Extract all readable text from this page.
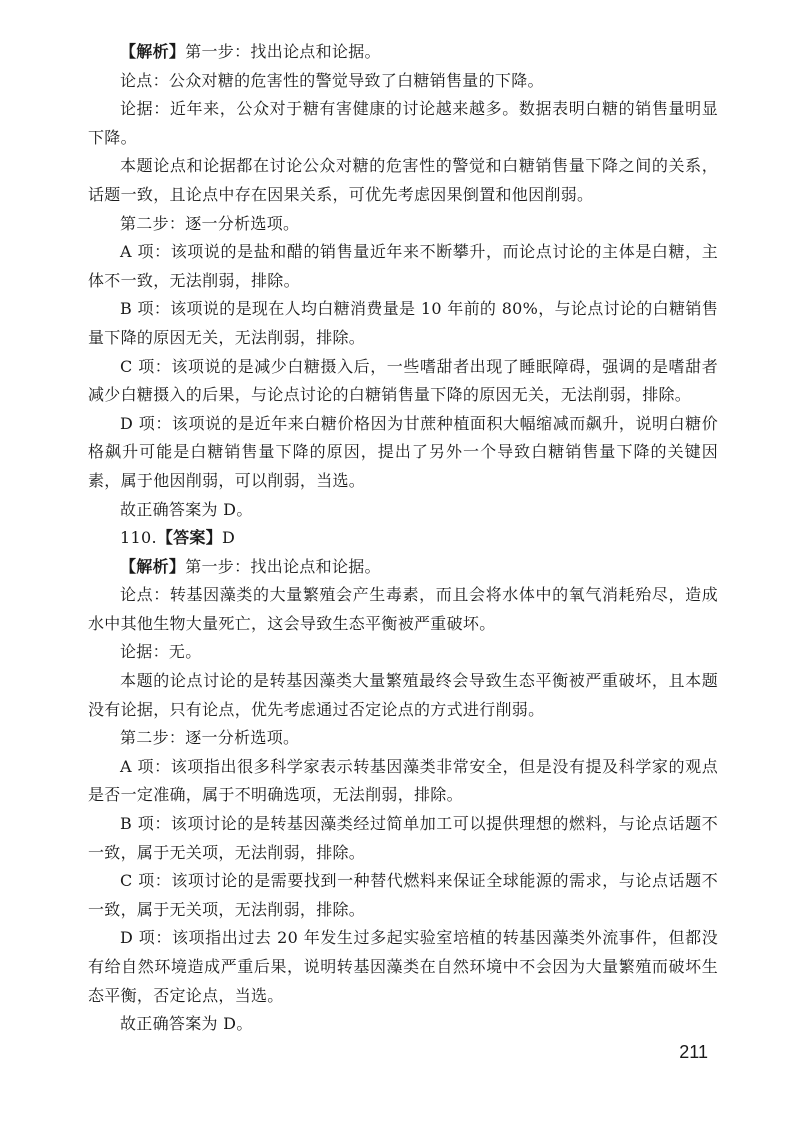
【解析】第一步：找出论点和论据。

论点：公众对糖的危害性的警觉导致了白糖销售量的下降。

论据：近年来，公众对于糖有害健康的讨论越来越多。数据表明白糖的销售量明显下降。

本题论点和论据都在讨论公众对糖的危害性的警觉和白糖销售量下降之间的关系，话题一致，且论点中存在因果关系，可优先考虑因果倒置和他因削弱。

第二步：逐一分析选项。

A 项：该项说的是盐和醋的销售量近年来不断攀升，而论点讨论的主体是白糖，主体不一致，无法削弱，排除。

B 项：该项说的是现在人均白糖消费量是 10 年前的 80%，与论点讨论的白糖销售量下降的原因无关，无法削弱，排除。

C 项：该项说的是减少白糖摄入后，一些嗜甜者出现了睡眠障碍，强调的是嗜甜者减少白糖摄入的后果，与论点讨论的白糖销售量下降的原因无关，无法削弱，排除。

D 项：该项说的是近年来白糖价格因为甘蔗种植面积大幅缩减而飙升，说明白糖价格飙升可能是白糖销售量下降的原因，提出了另外一个导致白糖销售量下降的关键因素，属于他因削弱，可以削弱，当选。

故正确答案为 D。

110.【答案】D

【解析】第一步：找出论点和论据。

论点：转基因藻类的大量繁殖会产生毒素，而且会将水体中的氧气消耗殆尽，造成水中其他生物大量死亡，这会导致生态平衡被严重破坏。

论据：无。

本题的论点讨论的是转基因藻类大量繁殖最终会导致生态平衡被严重破坏，且本题没有论据，只有论点，优先考虑通过否定论点的方式进行削弱。

第二步：逐一分析选项。

A 项：该项指出很多科学家表示转基因藻类非常安全，但是没有提及科学家的观点是否一定准确，属于不明确选项，无法削弱，排除。

B 项：该项讨论的是转基因藻类经过简单加工可以提供理想的燃料，与论点话题不一致，属于无关项，无法削弱，排除。

C 项：该项讨论的是需要找到一种替代燃料来保证全球能源的需求，与论点话题不一致，属于无关项，无法削弱，排除。

D 项：该项指出过去 20 年发生过多起实验室培植的转基因藻类外流事件，但都没有给自然环境造成严重后果，说明转基因藻类在自然环境中不会因为大量繁殖而破坏生态平衡，否定论点，当选。

故正确答案为 D。

211
